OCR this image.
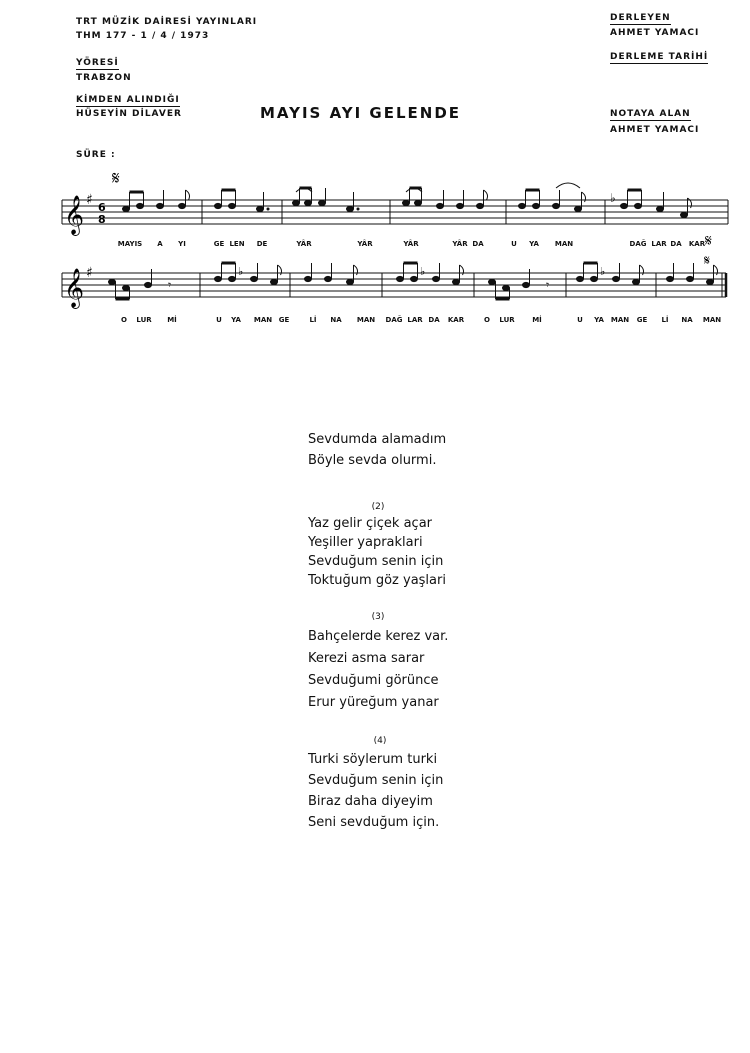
TRT MÜZİK DAİRESİ YAYINLARI
THM 177 - 1 / 4 / 1973
YÖRESİ
TRABZON
KİMDEN ALINDIĞI
HÜSEYİN DİLAVER
SÜRE :
MAYIS AYI GELENDE
DERLEYEN
AHMET YAMACI
DERLEME TARİHİ
NOTAYA ALAN
AHMET YAMACI
𝄞 ♯ 6
8
𝄋
♭
𝄋
MAYIS A YI	GE LEN DE	YÂR	YÂR	YÂR	YÂR DA	U YA MAN	DAĞ LAR DA KAR
𝄞 ♯
𝄾	𝄾
♭	♭	♭
𝄋
O LUR Mİ	U YA MAN GE	Lİ NA MAN DAĞ LAR DA KAR	O LUR	Mİ	U YA MAN GE Lİ NA MAN
Sevdumda alamadım
Böyle sevda olurmi.
(2)
Yaz gelir çiçek açar
Yeşiller yapraklari
Sevduğum senin için
Toktuğum göz yaşlari
(3)
Bahçelerde kerez var.
Kerezi asma sarar
Sevduğumi görünce
Erur yüreğum yanar
(4)
Turki söylerum turki
Sevduğum senin için
Biraz daha diyeyim
Seni sevduğum için.
